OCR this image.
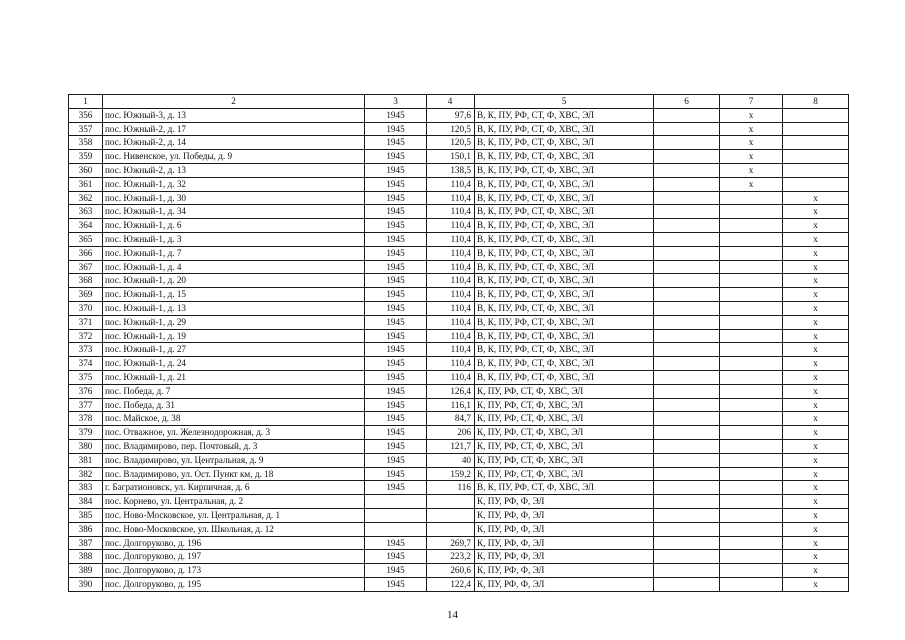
1	2	3	4	5	6	7	8
356	пос. Южный-3, д. 13	1945	97,6	В, К, ПУ, РФ, СТ, Ф, ХВС, ЭЛ		x	
357	пос. Южный-2, д. 17	1945	120,5	В, К, ПУ, РФ, СТ, Ф, ХВС, ЭЛ		x	
358	пос. Южный-2, д. 14	1945	120,5	В, К, ПУ, РФ, СТ, Ф, ХВС, ЭЛ		x	
359	пос. Нивенское, ул. Победы, д. 9	1945	150,1	В, К, ПУ, РФ, СТ, Ф, ХВС, ЭЛ		x	
360	пос. Южный-2, д. 13	1945	138,5	В, К, ПУ, РФ, СТ, Ф, ХВС, ЭЛ		x	
361	пос. Южный-1, д. 32	1945	110,4	В, К, ПУ, РФ, СТ, Ф, ХВС, ЭЛ		x	
362	пос. Южный-1, д. 30	1945	110,4	В, К, ПУ, РФ, СТ, Ф, ХВС, ЭЛ			x
363	пос. Южный-1, д. 34	1945	110,4	В, К, ПУ, РФ, СТ, Ф, ХВС, ЭЛ			x
364	пос. Южный-1, д. 6	1945	110,4	В, К, ПУ, РФ, СТ, Ф, ХВС, ЭЛ			x
365	пос. Южный-1, д. 3	1945	110,4	В, К, ПУ, РФ, СТ, Ф, ХВС, ЭЛ			x
366	пос. Южный-1, д. 7	1945	110,4	В, К, ПУ, РФ, СТ, Ф, ХВС, ЭЛ			x
367	пос. Южный-1, д. 4	1945	110,4	В, К, ПУ, РФ, СТ, Ф, ХВС, ЭЛ			x
368	пос. Южный-1, д. 20	1945	110,4	В, К, ПУ, РФ, СТ, Ф, ХВС, ЭЛ			x
369	пос. Южный-1, д. 15	1945	110,4	В, К, ПУ, РФ, СТ, Ф, ХВС, ЭЛ			x
370	пос. Южный-1, д. 13	1945	110,4	В, К, ПУ, РФ, СТ, Ф, ХВС, ЭЛ			x
371	пос. Южный-1, д. 29	1945	110,4	В, К, ПУ, РФ, СТ, Ф, ХВС, ЭЛ			x
372	пос. Южный-1, д. 19	1945	110,4	В, К, ПУ, РФ, СТ, Ф, ХВС, ЭЛ			x
373	пос. Южный-1, д. 27	1945	110,4	В, К, ПУ, РФ, СТ, Ф, ХВС, ЭЛ			x
374	пос. Южный-1, д. 24	1945	110,4	В, К, ПУ, РФ, СТ, Ф, ХВС, ЭЛ			x
375	пос. Южный-1, д. 21	1945	110,4	В, К, ПУ, РФ, СТ, Ф, ХВС, ЭЛ			x
376	пос. Победа, д. 7	1945	126,4	К, ПУ, РФ, СТ, Ф, ХВС, ЭЛ			x
377	пос. Победа, д. 31	1945	116,1	К, ПУ, РФ, СТ, Ф, ХВС, ЭЛ			x
378	пос. Майское, д. 38	1945	84,7	К, ПУ, РФ, СТ, Ф, ХВС, ЭЛ			x
379	пос. Отважное, ул. Железнодорожная, д. 3	1945	206	К, ПУ, РФ, СТ, Ф, ХВС, ЭЛ			x
380	пос. Владимирово, пер. Почтовый, д. 3	1945	121,7	К, ПУ, РФ, СТ, Ф, ХВС, ЭЛ			x
381	пос. Владимирово, ул. Центральная, д. 9	1945	40	К, ПУ, РФ, СТ, Ф, ХВС, ЭЛ			x
382	пос. Владимирово, ул. Ост. Пункт км, д. 18	1945	159,2	К, ПУ, РФ, СТ, Ф, ХВС, ЭЛ			x
383	г. Багратионовск, ул. Кирпичная, д. 6	1945	116	В, К, ПУ, РФ, СТ, Ф, ХВС, ЭЛ			x
384	пос. Корнево, ул. Центральная, д. 2			К, ПУ, РФ, Ф, ЭЛ			x
385	пос. Ново-Московское, ул. Центральная, д. 1			К, ПУ, РФ, Ф, ЭЛ			x
386	пос. Ново-Московское, ул. Школьная, д. 12			К, ПУ, РФ, Ф, ЭЛ			x
387	пос. Долгоруково, д. 196	1945	269,7	К, ПУ, РФ, Ф, ЭЛ			x
388	пос. Долгоруково, д. 197	1945	223,2	К, ПУ, РФ, Ф, ЭЛ			x
389	пос. Долгоруково, д. 173	1945	260,6	К, ПУ, РФ, Ф, ЭЛ			x
390	пос. Долгоруково, д. 195	1945	122,4	К, ПУ, РФ, Ф, ЭЛ			x
14
